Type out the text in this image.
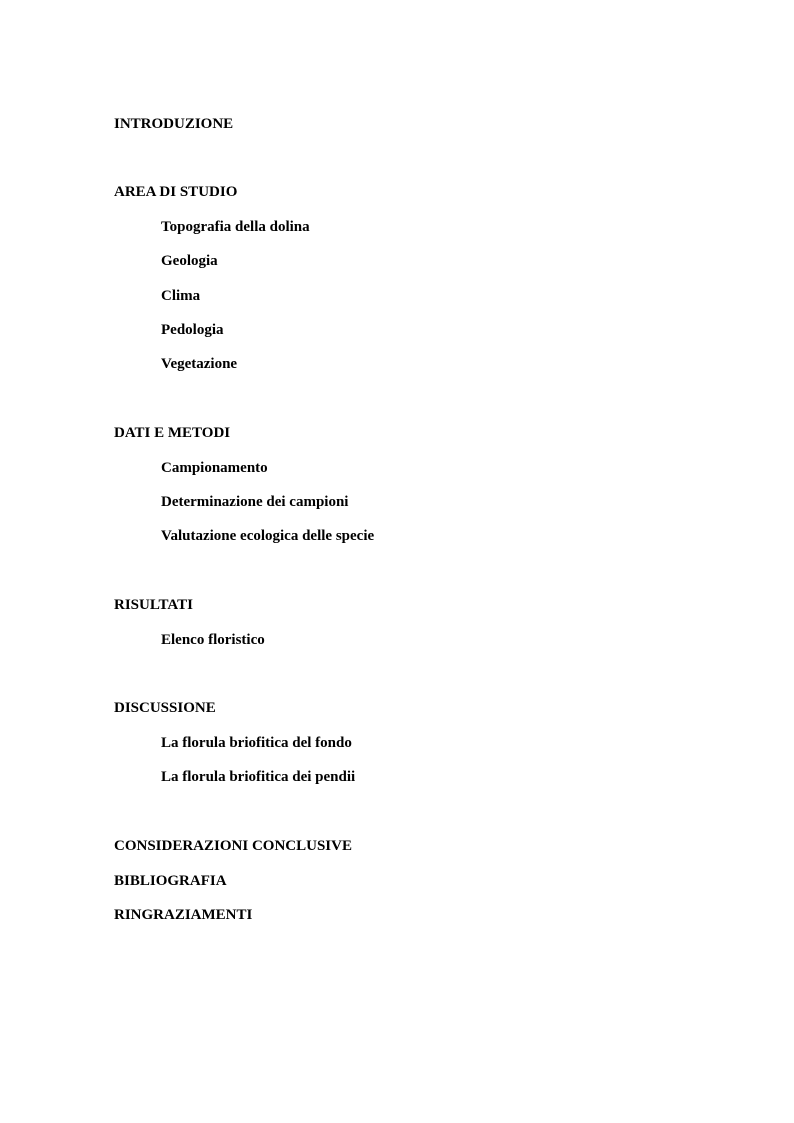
INTRODUZIONE
AREA DI STUDIO
Topografia della dolina
Geologia
Clima
Pedologia
Vegetazione
DATI E METODI
Campionamento
Determinazione dei campioni
Valutazione ecologica delle specie
RISULTATI
Elenco floristico
DISCUSSIONE
La florula briofitica del fondo
La florula briofitica dei pendii
CONSIDERAZIONI CONCLUSIVE
BIBLIOGRAFIA
RINGRAZIAMENTI
